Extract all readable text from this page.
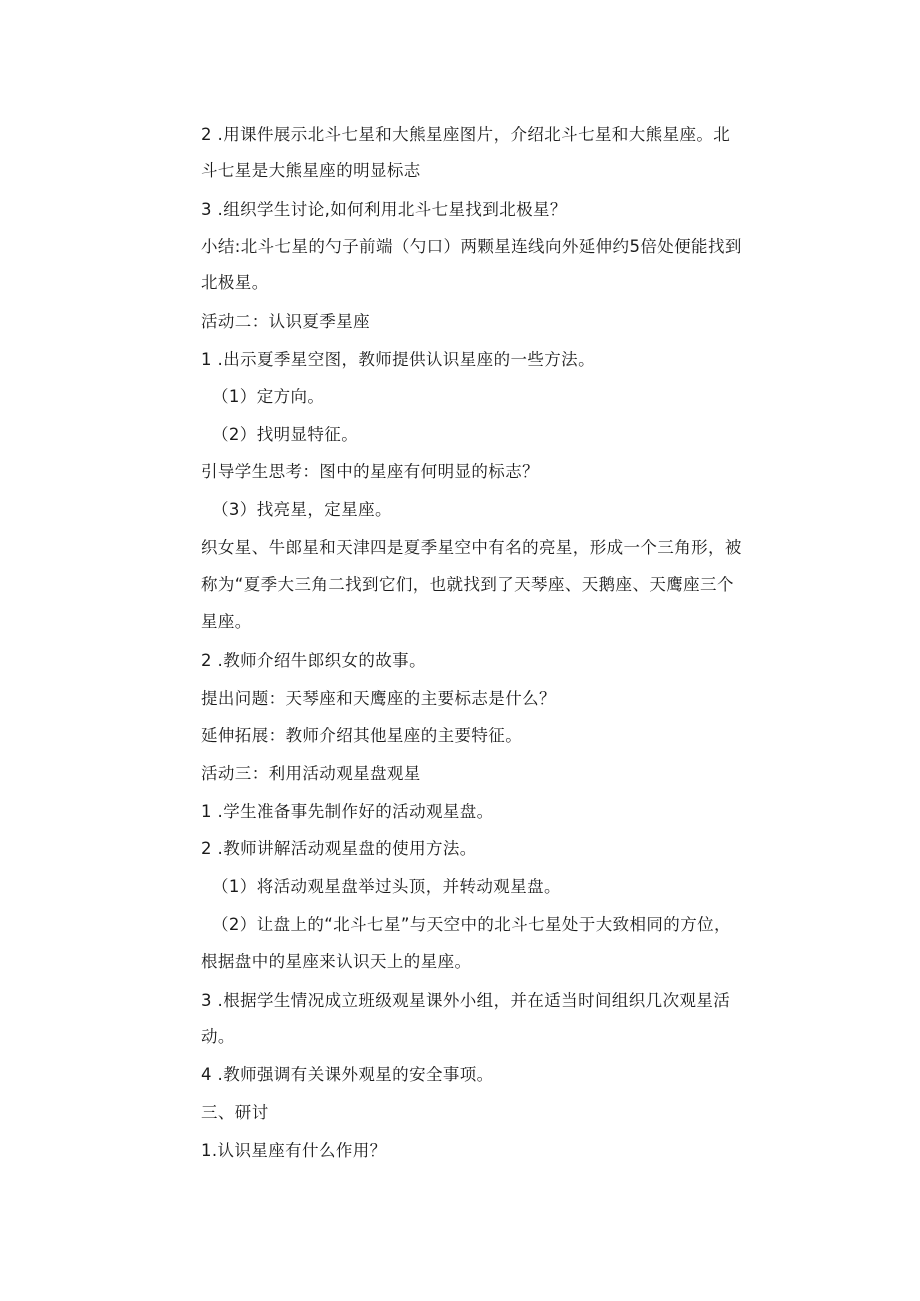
2 .用课件展示北斗七星和大熊星座图片，介绍北斗七星和大熊星座。北
斗七星是大熊星座的明显标志
3 .组织学生讨论,如何利用北斗七星找到北极星？
小结:北斗七星的勺子前端（勺口）两颗星连线向外延伸约5倍处便能找到
北极星。
活动二：认识夏季星座
1 .出示夏季星空图，教师提供认识星座的一些方法。
（1）定方向。
（2）找明显特征。
引导学生思考：图中的星座有何明显的标志？
（3）找亮星，定星座。
织女星、牛郎星和天津四是夏季星空中有名的亮星，形成一个三角形，被
称为“夏季大三角二找到它们，也就找到了天琴座、天鹅座、天鹰座三个
星座。
2 .教师介绍牛郎织女的故事。
提出问题：天琴座和天鹰座的主要标志是什么？
延伸拓展：教师介绍其他星座的主要特征。
活动三：利用活动观星盘观星
1 .学生准备事先制作好的活动观星盘。
2 .教师讲解活动观星盘的使用方法。
（1）将活动观星盘举过头顶，并转动观星盘。
（2）让盘上的“北斗七星”与天空中的北斗七星处于大致相同的方位，
根据盘中的星座来认识天上的星座。
3 .根据学生情况成立班级观星课外小组，并在适当时间组织几次观星活
动。
4 .教师强调有关课外观星的安全事项。
三、研讨
1.认识星座有什么作用？
